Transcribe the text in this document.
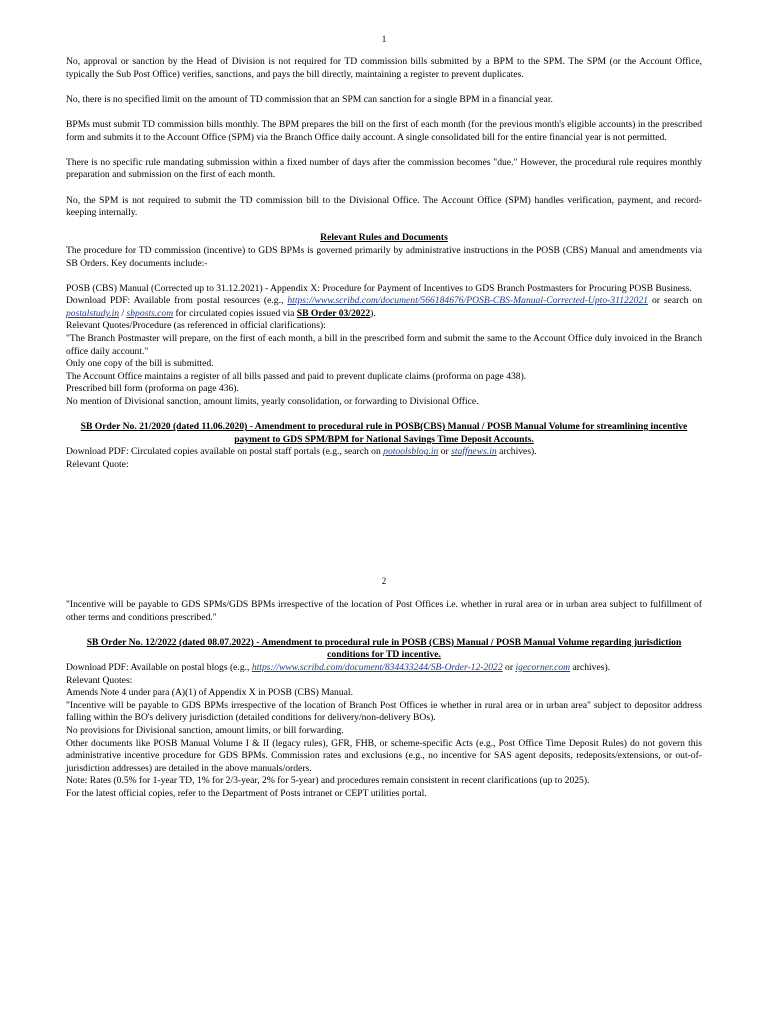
1

No, approval or sanction by the Head of Division is not required for TD commission bills submitted by a BPM to the SPM. The SPM (or the Account Office, typically the Sub Post Office) verifies, sanctions, and pays the bill directly, maintaining a register to prevent duplicates.

No, there is no specified limit on the amount of TD commission that an SPM can sanction for a single BPM in a financial year.

BPMs must submit TD commission bills monthly. The BPM prepares the bill on the first of each month (for the previous month's eligible accounts) in the prescribed form and submits it to the Account Office (SPM) via the Branch Office daily account. A single consolidated bill for the entire financial year is not permitted.

There is no specific rule mandating submission within a fixed number of days after the commission becomes "due." However, the procedural rule requires monthly preparation and submission on the first of each month.

No, the SPM is not required to submit the TD commission bill to the Divisional Office. The Account Office (SPM) handles verification, payment, and record-keeping internally.

Relevant Rules and Documents

The procedure for TD commission (incentive) to GDS BPMs is governed primarily by administrative instructions in the POSB (CBS) Manual and amendments via SB Orders. Key documents include:-

POSB (CBS) Manual (Corrected up to 31.12.2021) - Appendix X: Procedure for Payment of Incentives to GDS Branch Postmasters for Procuring POSB Business.

Download PDF: Available from postal resources (e.g., https://www.scribd.com/document/566184676/POSB-CBS-Manual-Corrected-Upto-31122021 or search on postalstudy.in / sbposts.com for circulated copies issued via SB Order 03/2022).

Relevant Quotes/Procedure (as referenced in official clarifications):

"The Branch Postmaster will prepare, on the first of each month, a bill in the prescribed form and submit the same to the Account Office duly invoiced in the Branch office daily account."

Only one copy of the bill is submitted.

The Account Office maintains a register of all bills passed and paid to prevent duplicate claims (proforma on page 438).

Prescribed bill form (proforma on page 436).

No mention of Divisional sanction, amount limits, yearly consolidation, or forwarding to Divisional Office.

SB Order No. 21/2020 (dated 11.06.2020) - Amendment to procedural rule in POSB(CBS) Manual / POSB Manual Volume for streamlining incentive payment to GDS SPM/BPM for National Savings Time Deposit Accounts.

Download PDF: Circulated copies available on postal staff portals (e.g., search on potoolsblog.in or staffnews.in archives).

Relevant Quote:

2

"Incentive will be payable to GDS SPMs/GDS BPMs irrespective of the location of Post Offices i.e. whether in rural area or in urban area subject to fulfillment of other terms and conditions prescribed."

SB Order No. 12/2022 (dated 08.07.2022) - Amendment to procedural rule in POSB (CBS) Manual / POSB Manual Volume regarding jurisdiction conditions for TD incentive.

Download PDF: Available on postal blogs (e.g., https://www.scribd.com/document/834433244/SB-Order-12-2022 or igecorner.com archives).

Relevant Quotes:

Amends Note 4 under para (A)(1) of Appendix X in POSB (CBS) Manual.

"Incentive will be payable to GDS BPMs irrespective of the location of Branch Post Offices ie whether in rural area or in urban area" subject to depositor address falling within the BO's delivery jurisdiction (detailed conditions for delivery/non-delivery BOs).

No provisions for Divisional sanction, amount limits, or bill forwarding.

Other documents like POSB Manual Volume I & II (legacy rules), GFR, FHB, or scheme-specific Acts (e.g., Post Office Time Deposit Rules) do not govern this administrative incentive procedure for GDS BPMs. Commission rates and exclusions (e.g., no incentive for SAS agent deposits, redeposits/extensions, or out-of-jurisdiction addresses) are detailed in the above manuals/orders.

Note: Rates (0.5% for 1-year TD, 1% for 2/3-year, 2% for 5-year) and procedures remain consistent in recent clarifications (up to 2025).

For the latest official copies, refer to the Department of Posts intranet or CEPT utilities portal.
